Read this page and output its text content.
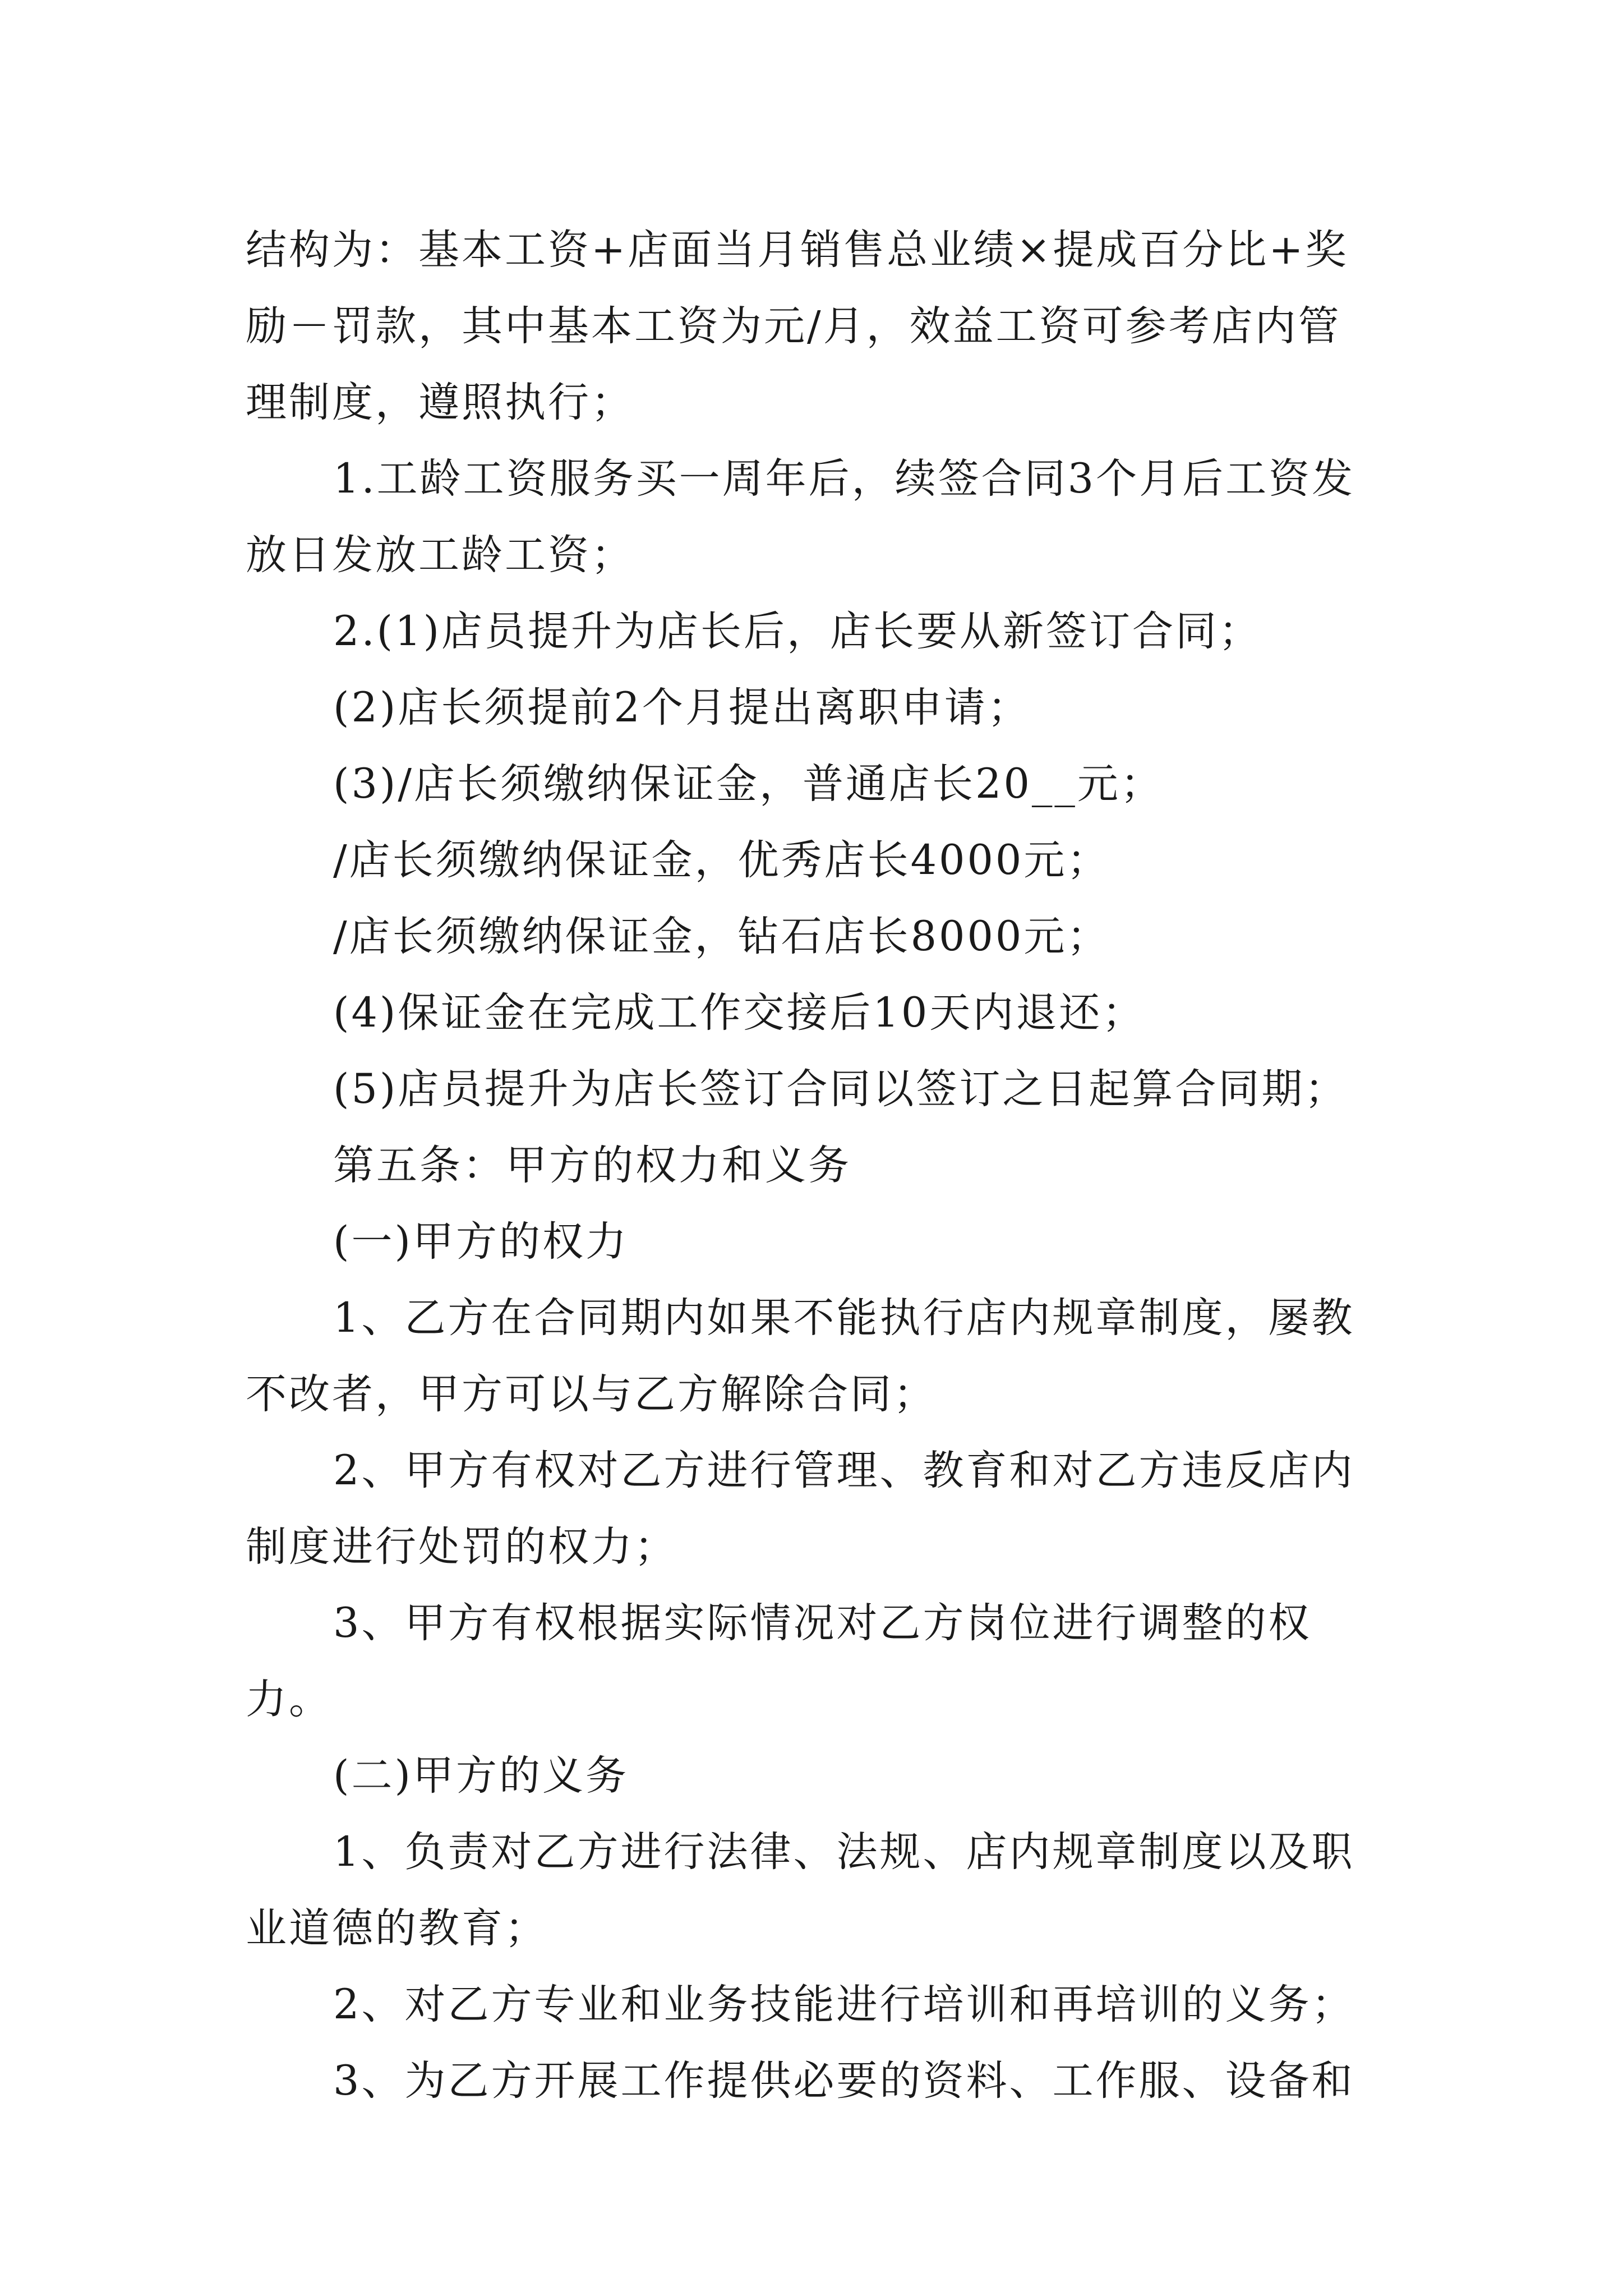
结构为：基本工资+店面当月销售总业绩×提成百分比+奖励－罚款，其中基本工资为元/月，效益工资可参考店内管理制度，遵照执行；

1.工龄工资服务买一周年后，续签合同3个月后工资发放日发放工龄工资；

2.(1)店员提升为店长后，店长要从新签订合同；

(2)店长须提前2个月提出离职申请；

(3)/店长须缴纳保证金，普通店长20__元；

/店长须缴纳保证金，优秀店长4000元；

/店长须缴纳保证金，钻石店长8000元；

(4)保证金在完成工作交接后10天内退还；

(5)店员提升为店长签订合同以签订之日起算合同期；

第五条：甲方的权力和义务

(一)甲方的权力

1、乙方在合同期内如果不能执行店内规章制度，屡教不改者，甲方可以与乙方解除合同；

2、甲方有权对乙方进行管理、教育和对乙方违反店内制度进行处罚的权力；

3、甲方有权根据实际情况对乙方岗位进行调整的权力。

(二)甲方的义务

1、负责对乙方进行法律、法规、店内规章制度以及职业道德的教育；

2、对乙方专业和业务技能进行培训和再培训的义务；

3、为乙方开展工作提供必要的资料、工作服、设备和
